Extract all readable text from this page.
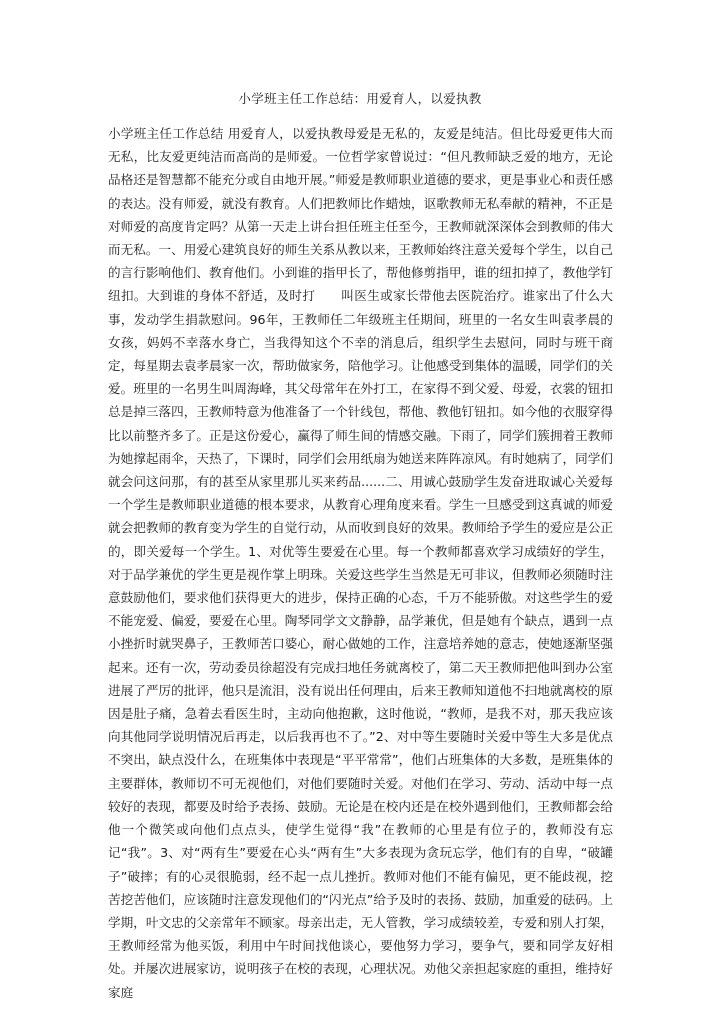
小学班主任工作总结：用爱育人，以爱执教

小学班主任工作总结 用爱育人，以爱执教母爱是无私的，友爱是纯洁。但比母爱更伟大而无私，比友爱更纯洁而高尚的是师爱。一位哲学家曾说过：“但凡教师缺乏爱的地方，无论品格还是智慧都不能充分或自由地开展。”师爱是教师职业道德的要求，更是事业心和责任感的表达。没有师爱，就没有教育。人们把教师比作蜡烛，讴歌教师无私奉献的精神，不正是对师爱的高度肯定吗？从第一天走上讲台担任班主任至今，王教师就深深体会到教师的伟大而无私。一、用爱心建筑良好的师生关系从教以来，王教师始终注意关爱每个学生，以自己的言行影响他们、教育他们。小到谁的指甲长了，帮他修剪指甲，谁的纽扣掉了，教他学钉纽扣。大到谁的身体不舒适，及时打　　叫医生或家长带他去医院治疗。谁家出了什么大事，发动学生捐款慰问。96年，王教师任二年级班主任期间，班里的一名女生叫袁孝晨的女孩，妈妈不幸落水身亡，当我得知这个不幸的消息后，组织学生去慰问，同时与班干商定，每星期去袁孝晨家一次，帮助做家务，陪他学习。让他感受到集体的温暖，同学们的关爱。班里的一名男生叫周海峰，其父母常年在外打工，在家得不到父爱、母爱，衣裳的钮扣总是掉三落四，王教师特意为他准备了一个针线包，帮他、教他钉钮扣。如今他的衣服穿得比以前整齐多了。正是这份爱心，赢得了师生间的情感交融。下雨了，同学们簇拥着王教师为她撑起雨伞，天热了，下课时，同学们会用纸扇为她送来阵阵凉风。有时她病了，同学们就会问这问那，有的甚至从家里那儿买来药品......二、用诚心鼓励学生发奋进取诚心关爱每一个学生是教师职业道德的根本要求，从教育心理角度来看。学生一旦感受到这真诚的师爱就会把教师的教育变为学生的自觉行动，从而收到良好的效果。教师给予学生的爱应是公正的，即关爱每一个学生。1、对优等生要爱在心里。每一个教师都喜欢学习成绩好的学生，对于品学兼优的学生更是视作掌上明珠。关爱这些学生当然是无可非议，但教师必须随时注意鼓励他们，要求他们获得更大的进步，保持正确的心态，千万不能骄傲。对这些学生的爱不能宠爱、偏爱，要爱在心里。陶琴同学文文静静，品学兼优，但是她有个缺点，遇到一点小挫折时就哭鼻子，王教师苦口婆心，耐心做她的工作，注意培养她的意志，使她逐渐坚强起来。还有一次，劳动委员徐超没有完成扫地任务就离校了，第二天王教师把他叫到办公室进展了严厉的批评，他只是流泪，没有说出任何理由，后来王教师知道他不扫地就离校的原因是肚子痛，急着去看医生时，主动向他抱歉，这时他说，“教师，是我不对，那天我应该向其他同学说明情况后再走，以后我再也不了。”2、对中等生要随时关爱中等生大多是优点不突出，缺点没什么，在班集体中表现是“平平常常”，他们占班集体的大多数，是班集体的主要群体，教师切不可无视他们，对他们要随时关爱。对他们在学习、劳动、活动中每一点较好的表现，都要及时给予表扬、鼓励。无论是在校内还是在校外遇到他们，王教师都会给他一个微笑或向他们点点头，使学生觉得“我”在教师的心里是有位子的，教师没有忘记“我”。3、对“两有生”要爱在心头“两有生”大多表现为贪玩忘学，他们有的自卑，“破罐子”破摔；有的心灵很脆弱，经不起一点儿挫折。教师对他们不能有偏见，更不能歧视，挖苦挖苦他们，应该随时注意发现他们的“闪光点”给予及时的表扬、鼓励，加重爱的砝码。上学期，叶文忠的父亲常年不顾家。母亲出走，无人管教，学习成绩较差，专爱和别人打架，王教师经常为他买饭，利用中午时间找他谈心，要他努力学习，要争气，要和同学友好相处。并屡次进展家访，说明孩子在校的表现，心理状况。劝他父亲担起家庭的重担，维持好家庭
